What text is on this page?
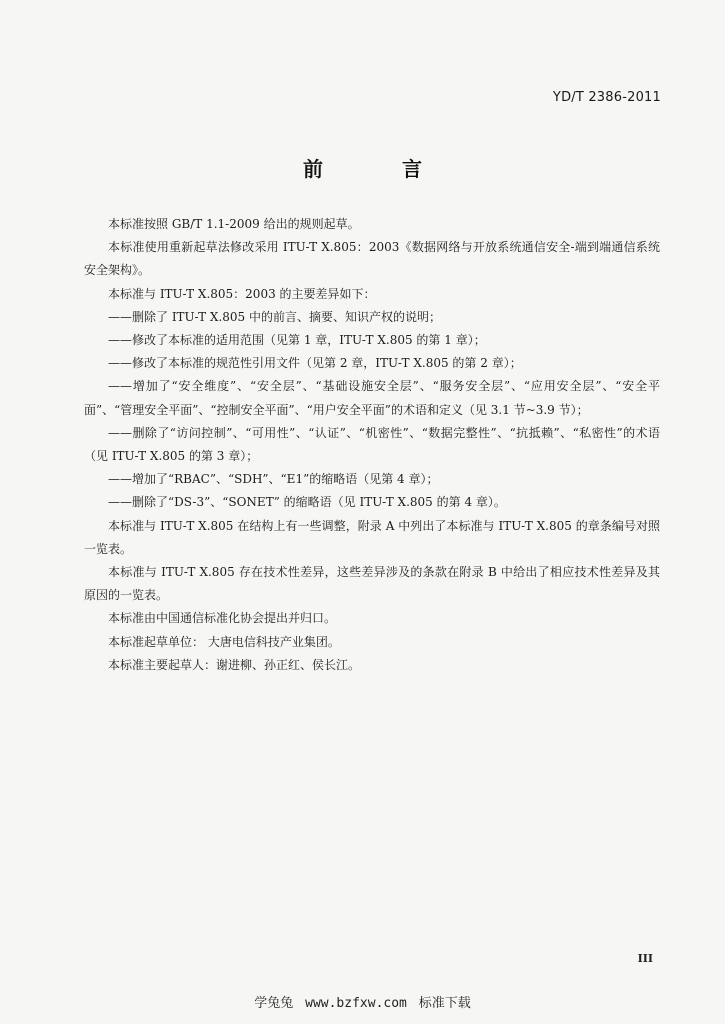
YD/T 2386-2011
前 言

本标准按照 GB/T 1.1-2009 给出的规则起草。

本标准使用重新起草法修改采用 ITU-T X.805：2003《数据网络与开放系统通信安全-端到端通信系统安全架构》。

本标准与 ITU-T X.805：2003 的主要差异如下：

——删除了 ITU-T X.805 中的前言、摘要、知识产权的说明；

——修改了本标准的适用范围（见第 1 章，ITU-T X.805 的第 1 章）；

——修改了本标准的规范性引用文件（见第 2 章，ITU-T X.805 的第 2 章）；

——增加了“安全维度”、“安全层”、“基础设施安全层”、“服务安全层”、“应用安全层”、“安全平面”、“管理安全平面”、“控制安全平面”、“用户安全平面”的术语和定义（见 3.1 节~3.9 节）；

——删除了“访问控制”、“可用性”、“认证”、“机密性”、“数据完整性”、“抗抵赖”、“私密性”的术语（见 ITU-T X.805 的第 3 章）；

——增加了“RBAC”、“SDH”、“E1”的缩略语（见第 4 章）；

——删除了“DS-3”、“SONET” 的缩略语（见 ITU-T X.805 的第 4 章）。

本标准与 ITU-T X.805 在结构上有一些调整，附录 A 中列出了本标准与 ITU-T X.805 的章条编号对照一览表。

本标准与 ITU-T X.805 存在技术性差异，这些差异涉及的条款在附录 B 中给出了相应技术性差异及其原因的一览表。

本标准由中国通信标准化协会提出并归口。

本标准起草单位： 大唐电信科技产业集团。

本标准主要起草人：谢进柳、孙正红、侯长江。

III
学兔兔 www.bzfxw.com 标准下载
